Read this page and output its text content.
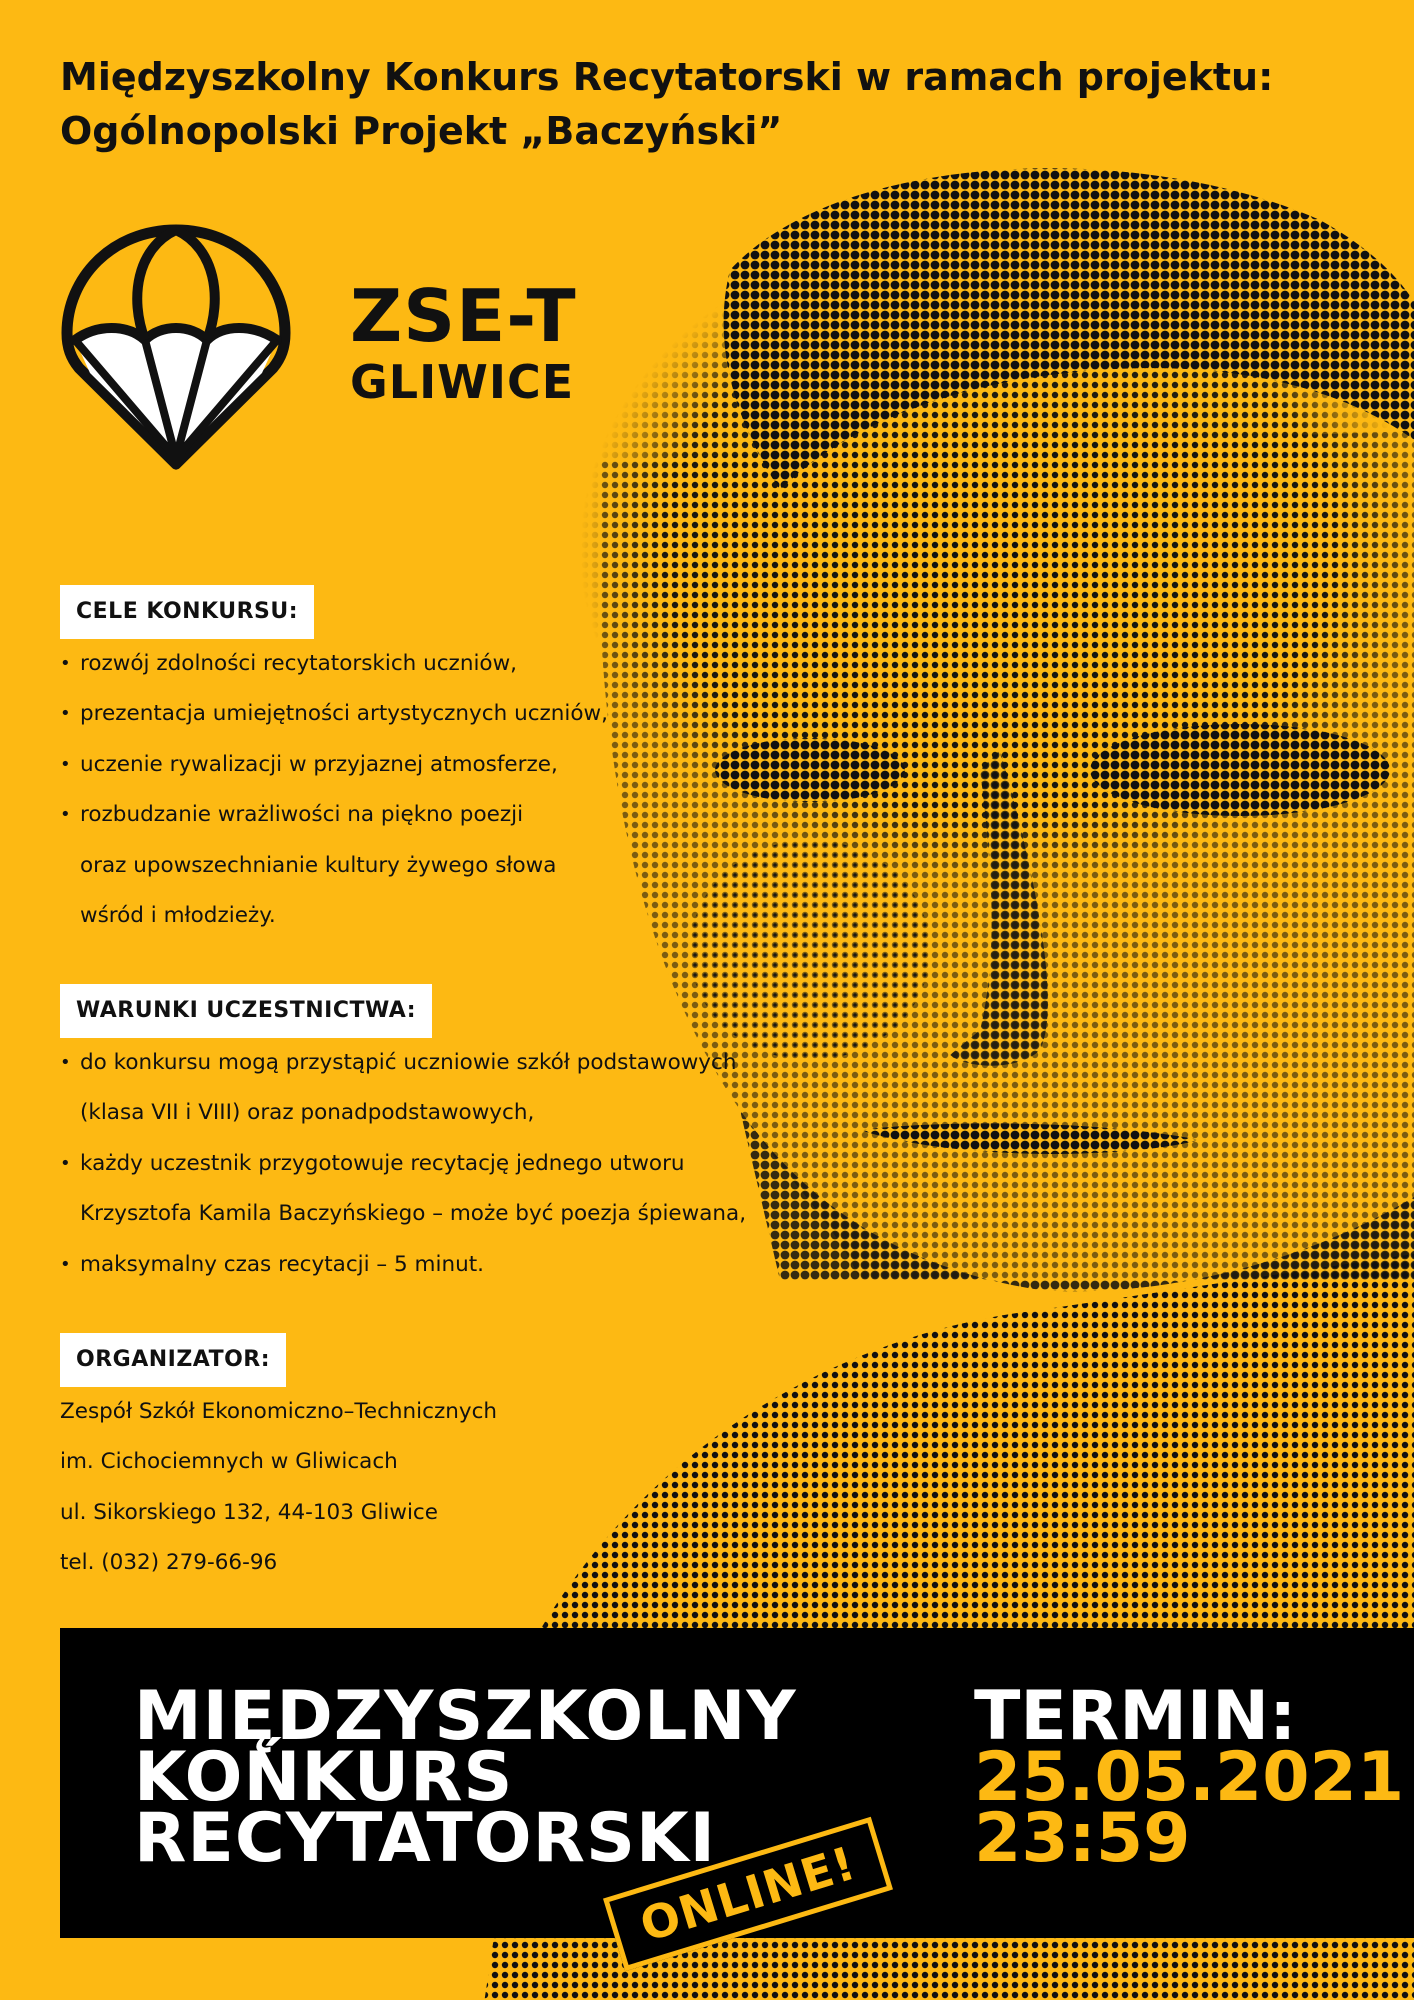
Międzyszkolny Konkurs Recytatorski w ramach projektu:
Ogólnopolski Projekt „Baczyński”
ZSE-T
GLIWICE
CELE KONKURSU:
• rozwój zdolności recytatorskich uczniów,
• prezentacja umiejętności artystycznych uczniów,
• uczenie rywalizacji w przyjaznej atmosferze,
• rozbudzanie wrażliwości na piękno poezji
oraz upowszechnianie kultury żywego słowa
wśród i młodzieży.
WARUNKI UCZESTNICTWA:
• do konkursu mogą przystąpić uczniowie szkół podstawowych
(klasa VII i VIII) oraz ponadpodstawowych,
• każdy uczestnik przygotowuje recytację jednego utworu
Krzysztofa Kamila Baczyńskiego – może być poezja śpiewana,
• maksymalny czas recytacji – 5 minut.
ORGANIZATOR:
Zespół Szkół Ekonomiczno–Technicznych
im. Cichociemnych w Gliwicach
ul. Sikorskiego 132, 44-103 Gliwice
tel. (032) 279-66-96
MIĘDZYSZKOLNY
KOŃKURS
RECYTATORSKI
ONLINE!
TERMIN:
25.05.2021
23:59
